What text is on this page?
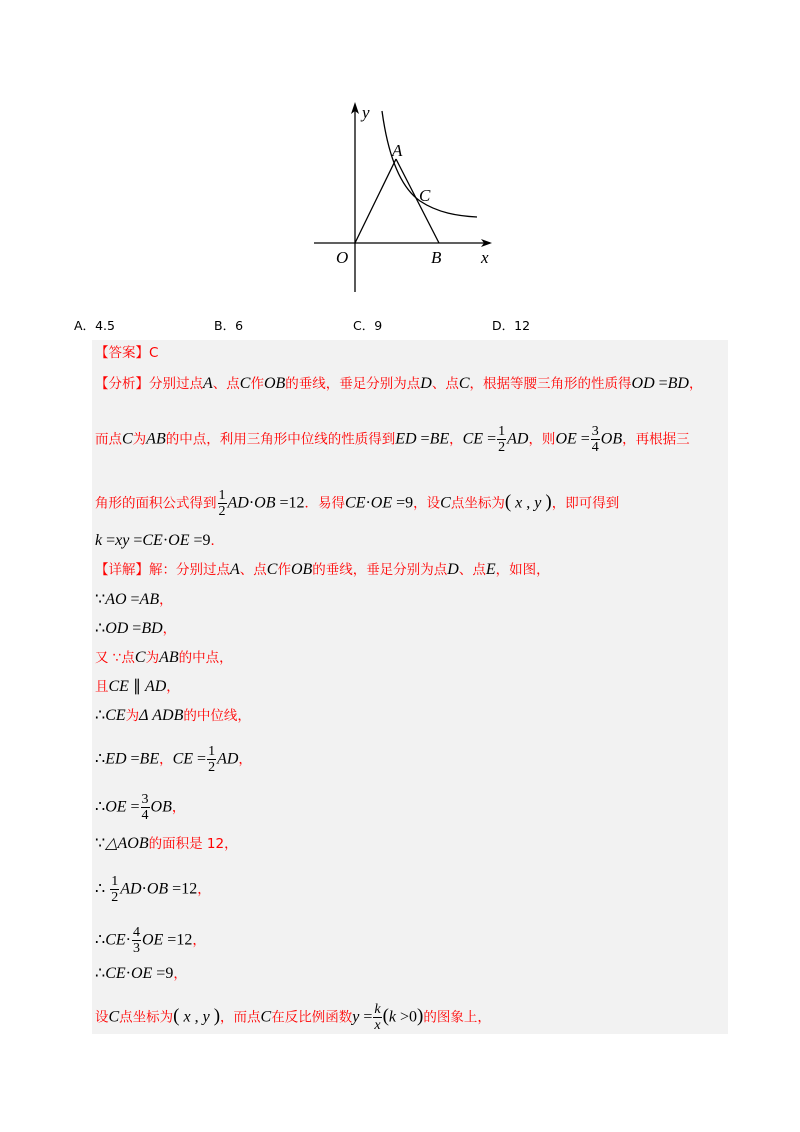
y
x
O
A
B
C
A．4.5	B．6	C．9	D．12
【答案】C
【分析】分别过点A、点C作OB的垂线，垂足分别为点D、点C，根据等腰三角形的性质得OD =BD，
而点C为AB的中点，利用三角形中位线的性质得到ED =BE，CE = $\frac{1}{2}$ AD，则OE = $\frac{3}{4}$ OB，再根据三
角形的面积公式得到 $\frac{1}{2} AD\cdot OB =12$．易得CE·OE =9，设C点坐标为( x , y )，即可得到
k =xy =CE·OE =9．
【详解】解：分别过点A、点C作OB的垂线，垂足分别为点D、点E，如图，
∵AO =AB，
∴OD =BD，
又 ∵点C为AB的中点，
且CE ∥ AD，
∴CE为Δ ADB的中位线，
∴ED =BE，CE = $\frac{1}{2}$ AD，
∴OE = $\frac{3}{4}$ OB，
∵△AOB的面积是 12，
∴ $\frac{1}{2} AD\cdot OB =12$，
∴CE· $\frac{4}{3}$ OE =12，
∴CE·OE =9，
设C点坐标为( x , y )，而点C在反比例函数$y = \frac{k}{x} (k >0)$的图象上，
